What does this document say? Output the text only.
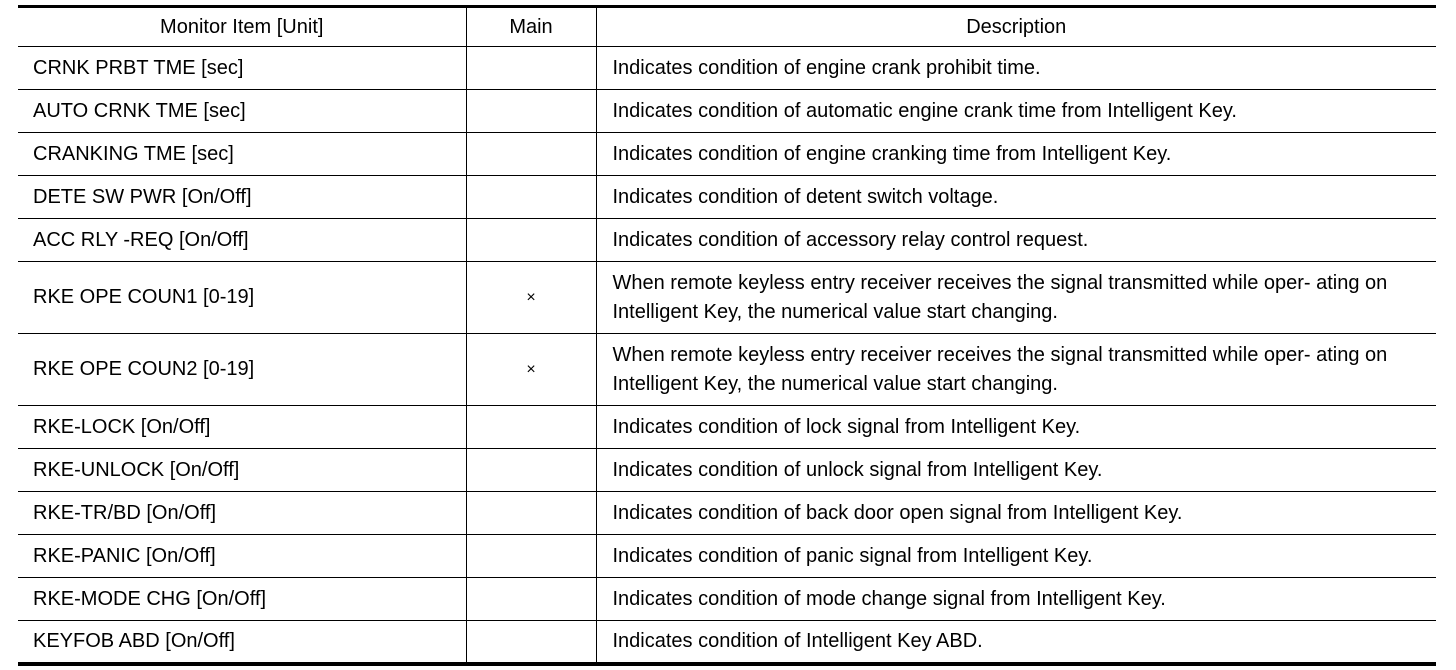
Monitor Item [Unit]	Main	Description
CRNK PRBT TME [sec]		Indicates condition of engine crank prohibit time.
AUTO CRNK TME [sec]		Indicates condition of automatic engine crank time from Intelligent Key.
CRANKING TME [sec]		Indicates condition of engine cranking time from Intelligent Key.
DETE SW PWR [On/Off]		Indicates condition of detent switch voltage.
ACC RLY -REQ [On/Off]		Indicates condition of accessory relay control request.
RKE OPE COUN1 [0-19]	×	When remote keyless entry receiver receives the signal transmitted while oper- ating on Intelligent Key, the numerical value start changing.
RKE OPE COUN2 [0-19]	×	When remote keyless entry receiver receives the signal transmitted while oper- ating on Intelligent Key, the numerical value start changing.
RKE-LOCK [On/Off]		Indicates condition of lock signal from Intelligent Key.
RKE-UNLOCK [On/Off]		Indicates condition of unlock signal from Intelligent Key.
RKE-TR/BD [On/Off]		Indicates condition of back door open signal from Intelligent Key.
RKE-PANIC [On/Off]		Indicates condition of panic signal from Intelligent Key.
RKE-MODE CHG [On/Off]		Indicates condition of mode change signal from Intelligent Key.
KEYFOB ABD [On/Off]		Indicates condition of Intelligent Key ABD.
